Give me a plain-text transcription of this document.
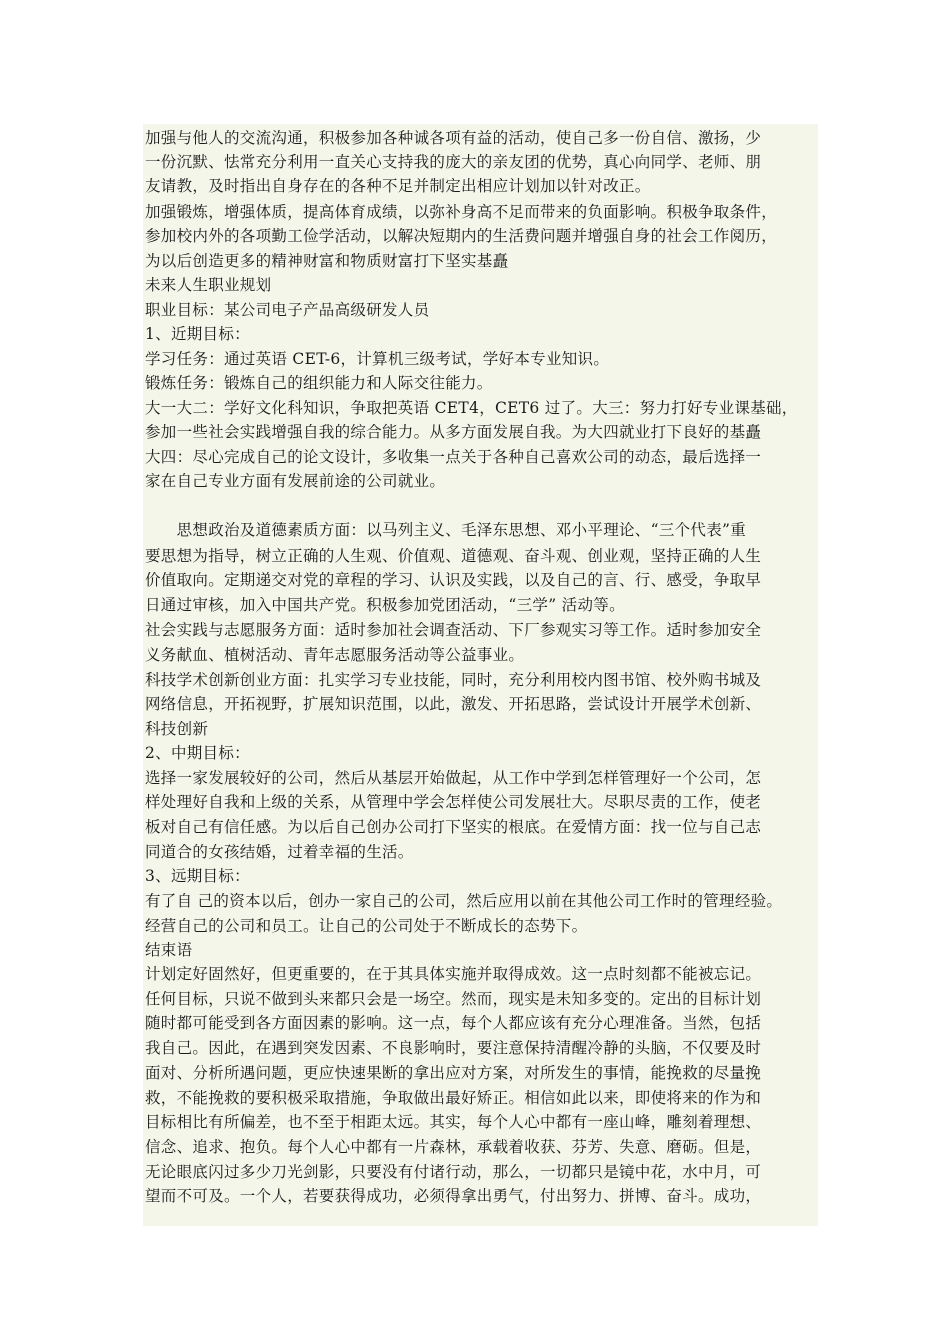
加强与他人的交流沟通，积极参加各种诚各项有益的活动，使自己多一份自信、激扬，少
一份沉默、怯常充分利用一直关心支持我的庞大的亲友团的优势，真心向同学、老师、朋
友请教，及时指出自身存在的各种不足并制定出相应计划加以针对改正。
加强锻炼，增强体质，提高体育成绩，以弥补身高不足而带来的负面影响。积极争取条件，
参加校内外的各项勤工俭学活动，以解决短期内的生活费问题并增强自身的社会工作阅历，
为以后创造更多的精神财富和物质财富打下坚实基矗
未来人生职业规划
职业目标：某公司电子产品高级研发人员
1、近期目标：
学习任务：通过英语 CET-6，计算机三级考试，学好本专业知识。
锻炼任务：锻炼自己的组织能力和人际交往能力。
大一大二：学好文化科知识，争取把英语 CET4，CET6 过了。大三：努力打好专业课基础，
参加一些社会实践增强自我的综合能力。从多方面发展自我。为大四就业打下良好的基矗
大四：尽心完成自己的论文设计，多收集一点关于各种自己喜欢公司的动态，最后选择一
家在自己专业方面有发展前途的公司就业。
　　思想政治及道德素质方面：以马列主义、毛泽东思想、邓小平理论、“三个代表”重
要思想为指导，树立正确的人生观、价值观、道德观、奋斗观、创业观，坚持正确的人生
价值取向。定期递交对党的章程的学习、认识及实践，以及自己的言、行、感受，争取早
日通过审核，加入中国共产党。积极参加党团活动，“三学” 活动等。
社会实践与志愿服务方面：适时参加社会调查活动、下厂参观实习等工作。适时参加安全
义务献血、植树活动、青年志愿服务活动等公益事业。
科技学术创新创业方面：扎实学习专业技能，同时，充分利用校内图书馆、校外购书城及
网络信息，开拓视野，扩展知识范围，以此，激发、开拓思路，尝试设计开展学术创新、
科技创新
2、中期目标：
选择一家发展较好的公司，然后从基层开始做起，从工作中学到怎样管理好一个公司，怎
样处理好自我和上级的关系，从管理中学会怎样使公司发展壮大。尽职尽责的工作，使老
板对自己有信任感。为以后自己创办公司打下坚实的根底。在爱情方面：找一位与自己志
同道合的女孩结婚，过着幸福的生活。
3、远期目标：
有了自 己的资本以后，创办一家自己的公司，然后应用以前在其他公司工作时的管理经验。
经营自己的公司和员工。让自己的公司处于不断成长的态势下。
结束语
计划定好固然好，但更重要的，在于其具体实施并取得成效。这一点时刻都不能被忘记。
任何目标，只说不做到头来都只会是一场空。然而，现实是未知多变的。定出的目标计划
随时都可能受到各方面因素的影响。这一点，每个人都应该有充分心理准备。当然，包括
我自己。因此，在遇到突发因素、不良影响时，要注意保持清醒冷静的头脑，不仅要及时
面对、分析所遇问题，更应快速果断的拿出应对方案，对所发生的事情，能挽救的尽量挽
救，不能挽救的要积极采取措施，争取做出最好矫正。相信如此以来，即使将来的作为和
目标相比有所偏差，也不至于相距太远。其实，每个人心中都有一座山峰，雕刻着理想、
信念、追求、抱负。每个人心中都有一片森林，承载着收获、芬芳、失意、磨砺。但是，
无论眼底闪过多少刀光剑影，只要没有付诸行动，那么，一切都只是镜中花，水中月，可
望而不可及。一个人，若要获得成功，必须得拿出勇气，付出努力、拼博、奋斗。成功，
